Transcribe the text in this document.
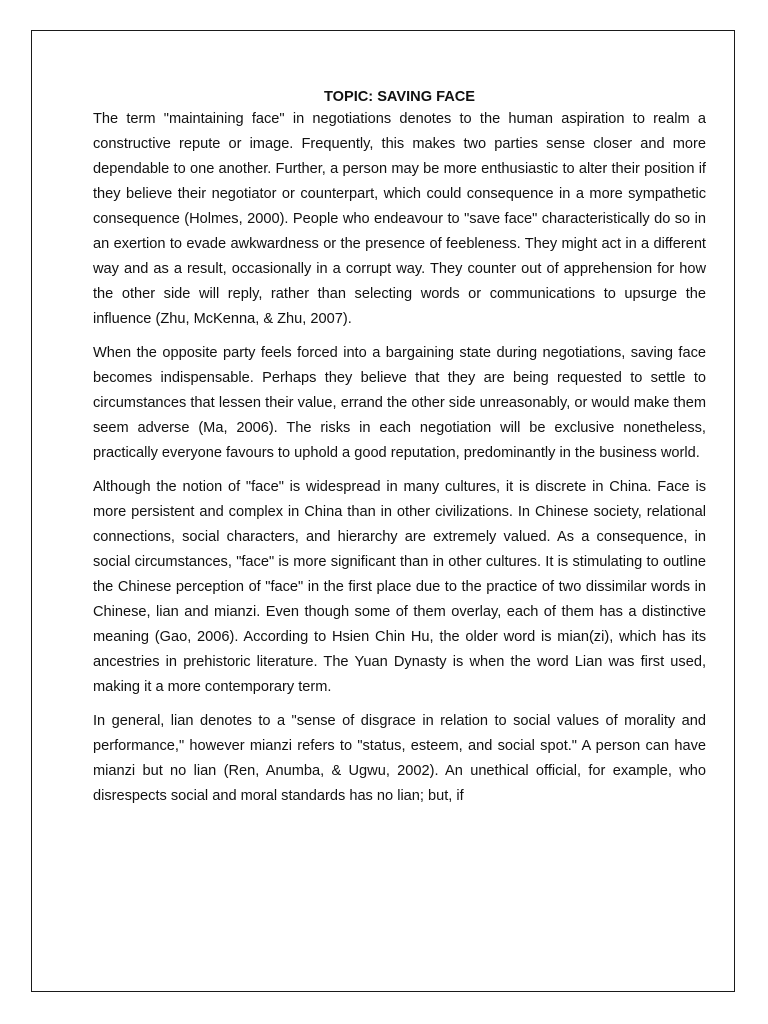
TOPIC: SAVING FACE

The term "maintaining face" in negotiations denotes to the human aspiration to realm a constructive repute or image. Frequently, this makes two parties sense closer and more dependable to one another. Further, a person may be more enthusiastic to alter their position if they believe their negotiator or counterpart, which could consequence in a more sympathetic consequence (Holmes, 2000). People who endeavour to "save face" characteristically do so in an exertion to evade awkwardness or the presence of feebleness. They might act in a different way and as a result, occasionally in a corrupt way. They counter out of apprehension for how the other side will reply, rather than selecting words or communications to upsurge the influence (Zhu, McKenna, & Zhu, 2007).

When the opposite party feels forced into a bargaining state during negotiations, saving face becomes indispensable. Perhaps they believe that they are being requested to settle to circumstances that lessen their value, errand the other side unreasonably, or would make them seem adverse (Ma, 2006). The risks in each negotiation will be exclusive nonetheless, practically everyone favours to uphold a good reputation, predominantly in the business world.

Although the notion of "face" is widespread in many cultures, it is discrete in China. Face is more persistent and complex in China than in other civilizations. In Chinese society, relational connections, social characters, and hierarchy are extremely valued. As a consequence, in social circumstances, "face" is more significant than in other cultures. It is stimulating to outline the Chinese perception of "face" in the first place due to the practice of two dissimilar words in Chinese, lian and mianzi. Even though some of them overlay, each of them has a distinctive meaning (Gao, 2006). According to Hsien Chin Hu, the older word is mian(zi), which has its ancestries in prehistoric literature. The Yuan Dynasty is when the word Lian was first used, making it a more contemporary term.

In general, lian denotes to a "sense of disgrace in relation to social values of morality and performance," however mianzi refers to "status, esteem, and social spot." A person can have mianzi but no lian (Ren, Anumba, & Ugwu, 2002). An unethical official, for example, who disrespects social and moral standards has no lian; but, if
